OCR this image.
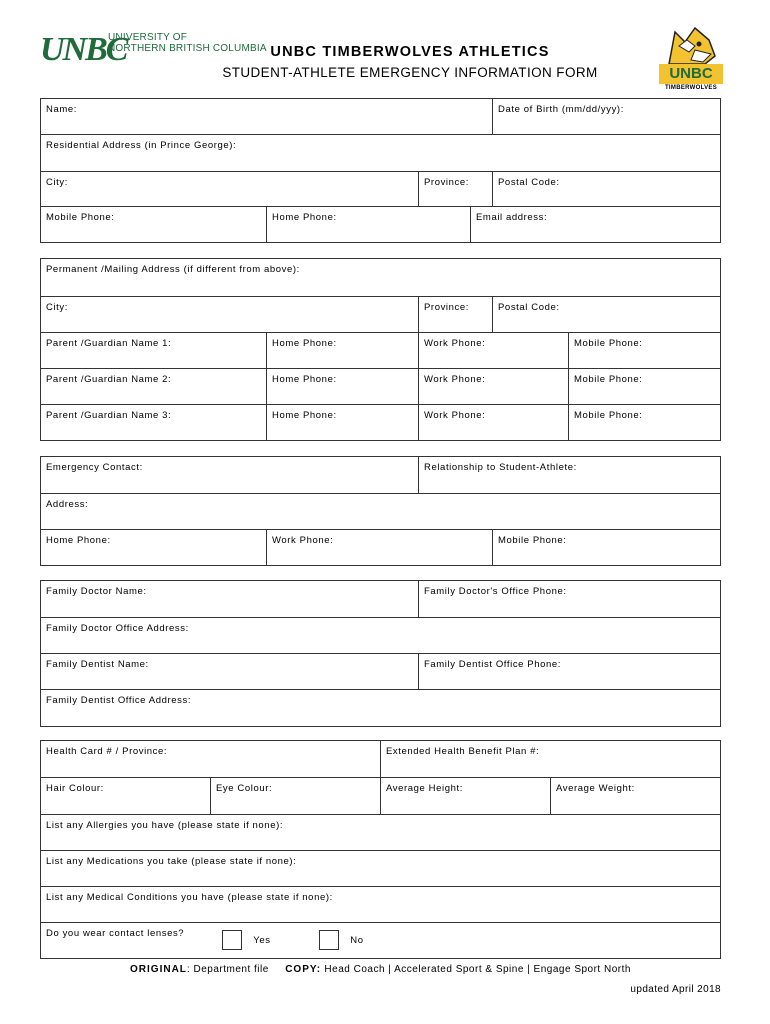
UNBC
UNIVERSITY OF
NORTHERN BRITISH COLUMBIA UNBC TIMBERWOLVES ATHLETICS
STUDENT-ATHLETE EMERGENCY INFORMATION FORM	UNBC
TIMBERWOLVES
Name:	Date of Birth (mm/dd/yyy):
Residential Address (in Prince George):
City:	Province:	Postal Code:
Mobile Phone:	Home Phone:	Email address:
Permanent /Mailing Address (if different from above):
City:	Province:	Postal Code:
Parent /Guardian Name 1:	Home Phone:	Work Phone:	Mobile Phone:
Parent /Guardian Name 2:	Home Phone:	Work Phone:	Mobile Phone:
Parent /Guardian Name 3:	Home Phone:	Work Phone:	Mobile Phone:
Emergency Contact:	Relationship to Student-Athlete:
Address:
Home Phone:	Work Phone:	Mobile Phone:
Family Doctor Name:	Family Doctor's Office Phone:
Family Doctor Office Address:
Family Dentist Name:	Family Dentist Office Phone:
Family Dentist Office Address:
Health Card # / Province:	Extended Health Benefit Plan #:
Hair Colour:	Eye Colour:	Average Height:	Average Weight:
List any Allergies you have (please state if none):
List any Medications you take (please state if none):
List any Medical Conditions you have (please state if none):
Do you wear contact lenses?
Yes	No
ORIGINAL: Department file COPY: Head Coach | Accelerated Sport & Spine | Engage Sport North
updated April 2018
